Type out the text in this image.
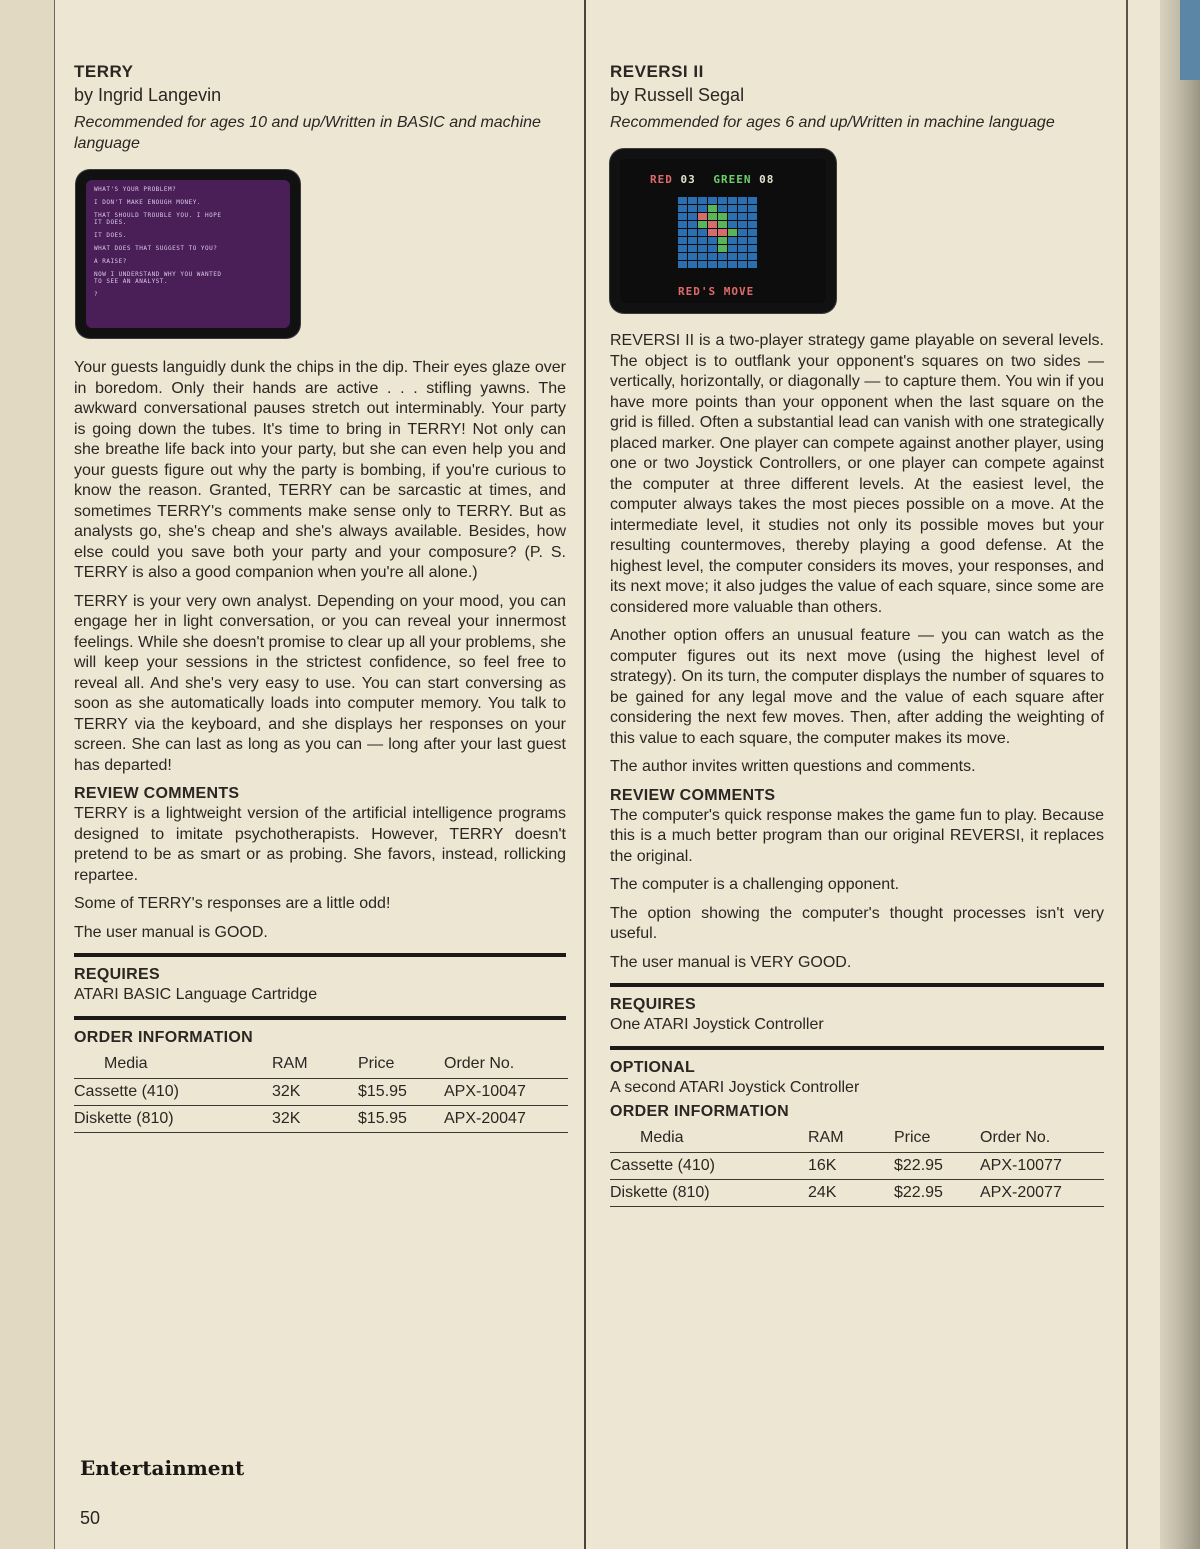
TERRY
by Ingrid Langevin
Recommended for ages 10 and up/Written in BASIC and machine language
WHAT'S YOUR PROBLEM?
I DON'T MAKE ENOUGH MONEY.
THAT SHOULD TROUBLE YOU. I HOPE
IT DOES.
IT DOES.
WHAT DOES THAT SUGGEST TO YOU?
A RAISE?
NOW I UNDERSTAND WHY YOU WANTED
TO SEE AN ANALYST.
?

Your guests languidly dunk the chips in the dip. Their eyes glaze over in boredom. Only their hands are active . . . stifling yawns. The awkward conversational pauses stretch out interminably. Your party is going down the tubes. It's time to bring in TERRY! Not only can she breathe life back into your party, but she can even help you and your guests figure out why the party is bombing, if you're curious to know the reason. Granted, TERRY can be sarcastic at times, and sometimes TERRY's comments make sense only to TERRY. But as analysts go, she's cheap and she's always available. Besides, how else could you save both your party and your composure? (P. S. TERRY is also a good companion when you're all alone.)

TERRY is your very own analyst. Depending on your mood, you can engage her in light conversation, or you can reveal your innermost feelings. While she doesn't promise to clear up all your problems, she will keep your sessions in the strictest confidence, so feel free to reveal all. And she's very easy to use. You can start conversing as soon as she automatically loads into computer memory. You talk to TERRY via the keyboard, and she displays her responses on your screen. She can last as long as you can — long after your last guest has departed!

REVIEW COMMENTS

TERRY is a lightweight version of the artificial intelligence programs designed to imitate psychotherapists. However, TERRY doesn't pretend to be as smart or as probing. She favors, instead, rollicking repartee.

Some of TERRY's responses are a little odd!

The user manual is GOOD.

REQUIRES

ATARI BASIC Language Cartridge

ORDER INFORMATION
Media	RAM	Price	Order No.
Cassette (410)	32K	$15.95	APX-10047
Diskette (810)	32K	$15.95	APX-20047
REVERSI II
by Russell Segal
Recommended for ages 6 and up/Written in machine language
RED 03 GREEN 08
RED'S MOVE

REVERSI II is a two-player strategy game playable on several levels. The object is to outflank your opponent's squares on two sides — vertically, horizontally, or diagonally — to capture them. You win if you have more points than your opponent when the last square on the grid is filled. Often a substantial lead can vanish with one strategically placed marker. One player can compete against another player, using one or two Joystick Controllers, or one player can compete against the computer at three different levels. At the easiest level, the computer always takes the most pieces possible on a move. At the intermediate level, it studies not only its possible moves but your resulting countermoves, thereby playing a good defense. At the highest level, the computer considers its moves, your responses, and its next move; it also judges the value of each square, since some are considered more valuable than others.

Another option offers an unusual feature — you can watch as the computer figures out its next move (using the highest level of strategy). On its turn, the computer displays the number of squares to be gained for any legal move and the value of each square after considering the next few moves. Then, after adding the weighting of this value to each square, the computer makes its move.

The author invites written questions and comments.

REVIEW COMMENTS

The computer's quick response makes the game fun to play. Because this is a much better program than our original REVERSI, it replaces the original.

The computer is a challenging opponent.

The option showing the computer's thought processes isn't very useful.

The user manual is VERY GOOD.

REQUIRES

One ATARI Joystick Controller

OPTIONAL

A second ATARI Joystick Controller

ORDER INFORMATION
Media	RAM	Price	Order No.
Cassette (410)	16K	$22.95	APX-10077
Diskette (810)	24K	$22.95	APX-20077
Entertainment
50
